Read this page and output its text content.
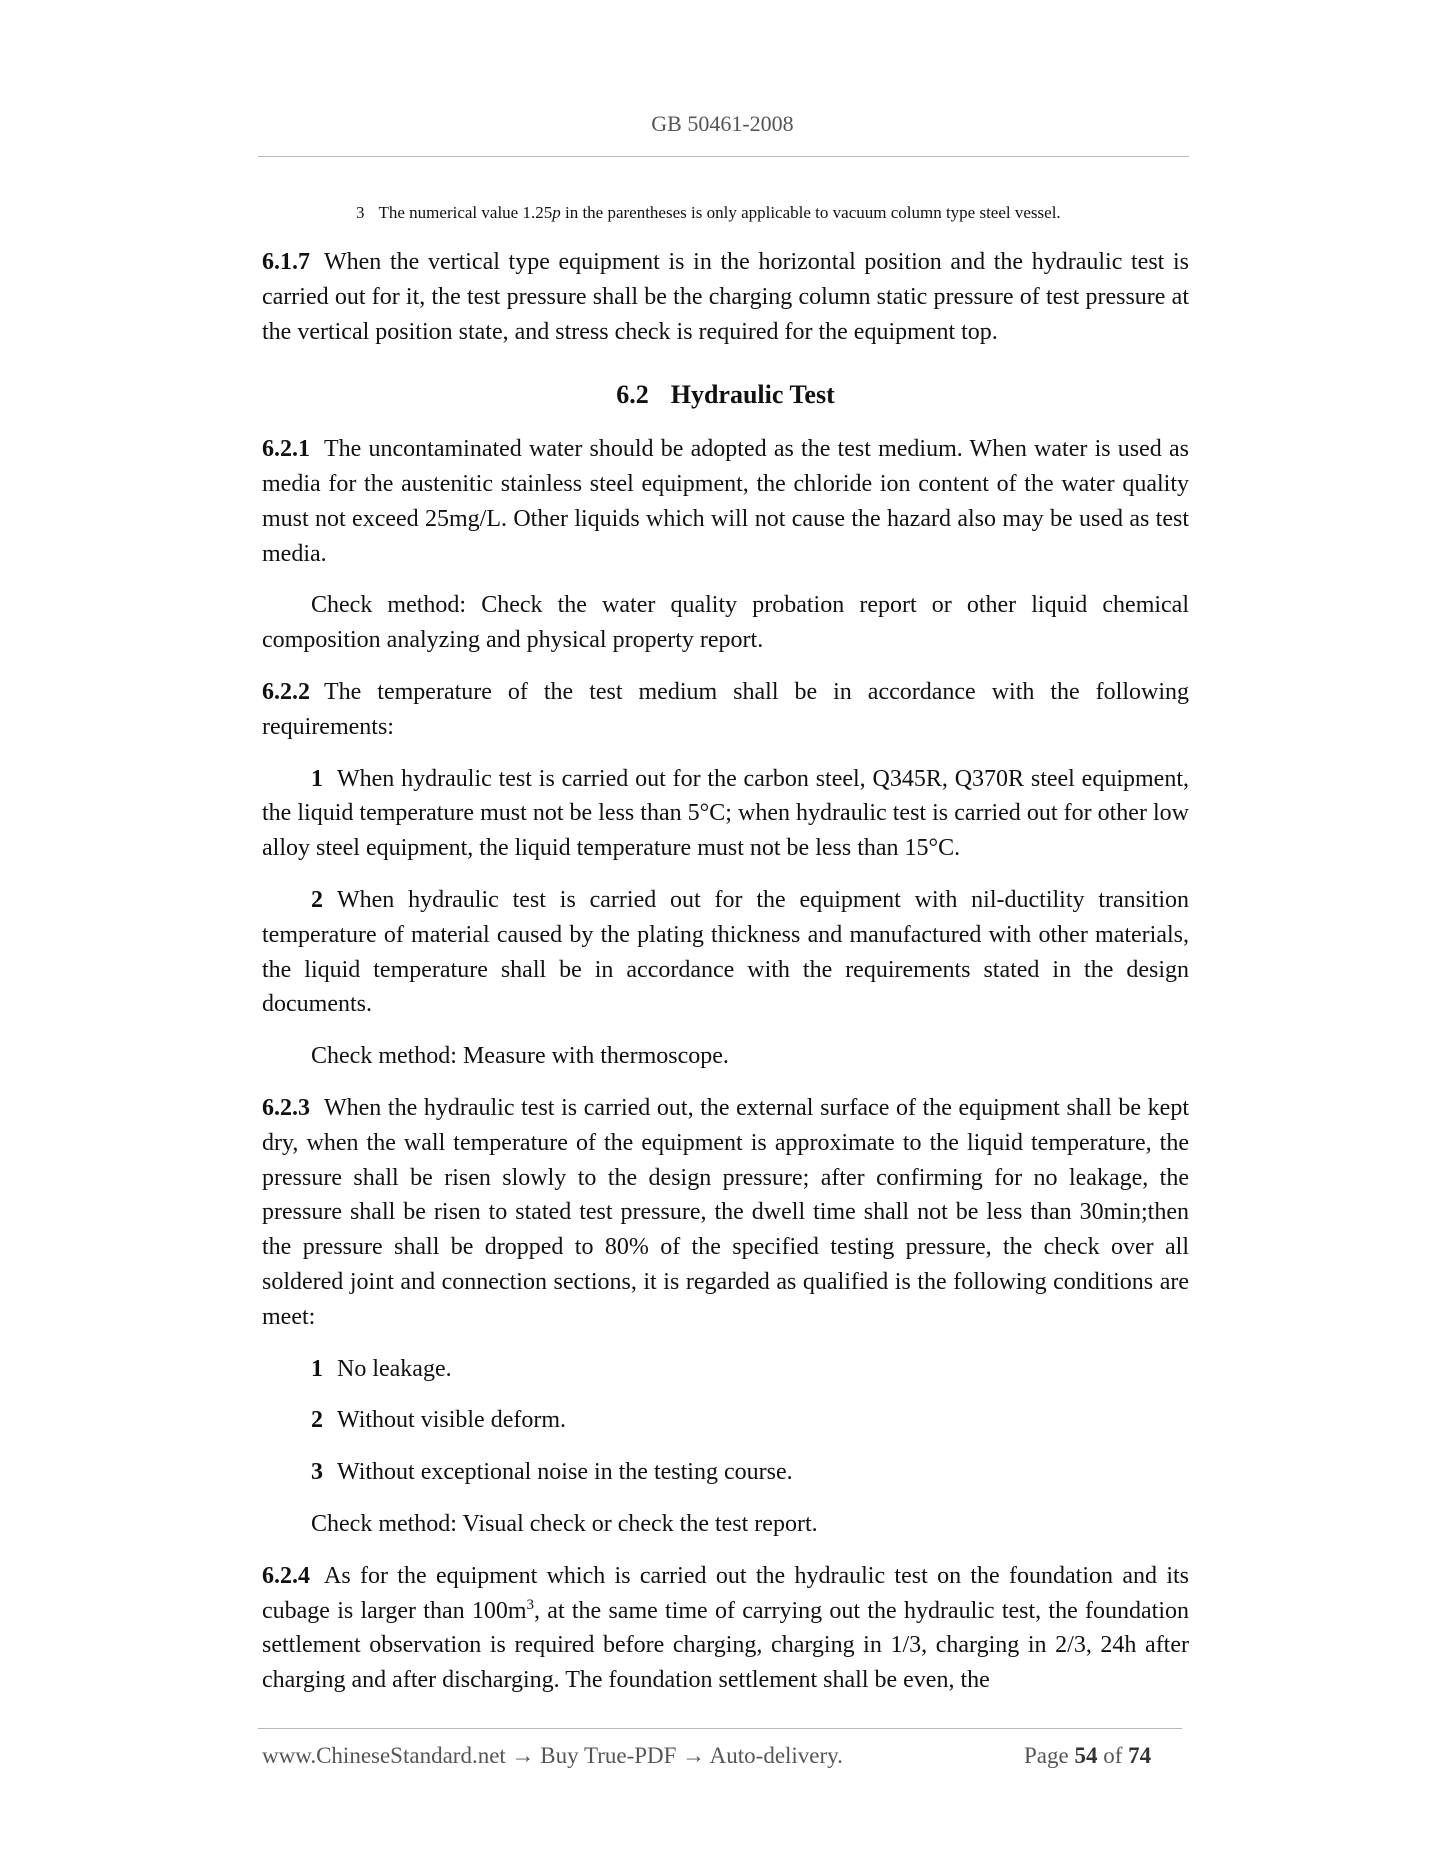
GB 50461-2008
3 The numerical value 1.25p in the parentheses is only applicable to vacuum column type steel vessel.

6.1.7 When the vertical type equipment is in the horizontal position and the hydraulic test is carried out for it, the test pressure shall be the charging column static pressure of test pressure at the vertical position state, and stress check is required for the equipment top.

6.2 Hydraulic Test

6.2.1 The uncontaminated water should be adopted as the test medium. When water is used as media for the austenitic stainless steel equipment, the chloride ion content of the water quality must not exceed 25mg/L. Other liquids which will not cause the hazard also may be used as test media.

Check method: Check the water quality probation report or other liquid chemical composition analyzing and physical property report.

6.2.2 The temperature of the test medium shall be in accordance with the following requirements:

1 When hydraulic test is carried out for the carbon steel, Q345R, Q370R steel equipment, the liquid temperature must not be less than 5°C; when hydraulic test is carried out for other low alloy steel equipment, the liquid temperature must not be less than 15°C.

2 When hydraulic test is carried out for the equipment with nil-ductility transition temperature of material caused by the plating thickness and manufactured with other materials, the liquid temperature shall be in accordance with the requirements stated in the design documents.

Check method: Measure with thermoscope.

6.2.3 When the hydraulic test is carried out, the external surface of the equipment shall be kept dry, when the wall temperature of the equipment is approximate to the liquid temperature, the pressure shall be risen slowly to the design pressure; after confirming for no leakage, the pressure shall be risen to stated test pressure, the dwell time shall not be less than 30min;then the pressure shall be dropped to 80% of the specified testing pressure, the check over all soldered joint and connection sections, it is regarded as qualified is the following conditions are meet:

1 No leakage.

2 Without visible deform.

3 Without exceptional noise in the testing course.

Check method: Visual check or check the test report.

6.2.4 As for the equipment which is carried out the hydraulic test on the foundation and its cubage is larger than $100m^3$, at the same time of carrying out the hydraulic test, the foundation settlement observation is required before charging, charging in 1/3, charging in 2/3, 24h after charging and after discharging. The foundation settlement shall be even, the

www.ChineseStandard.net → Buy True-PDF → Auto-delivery.	Page 54 of 74
